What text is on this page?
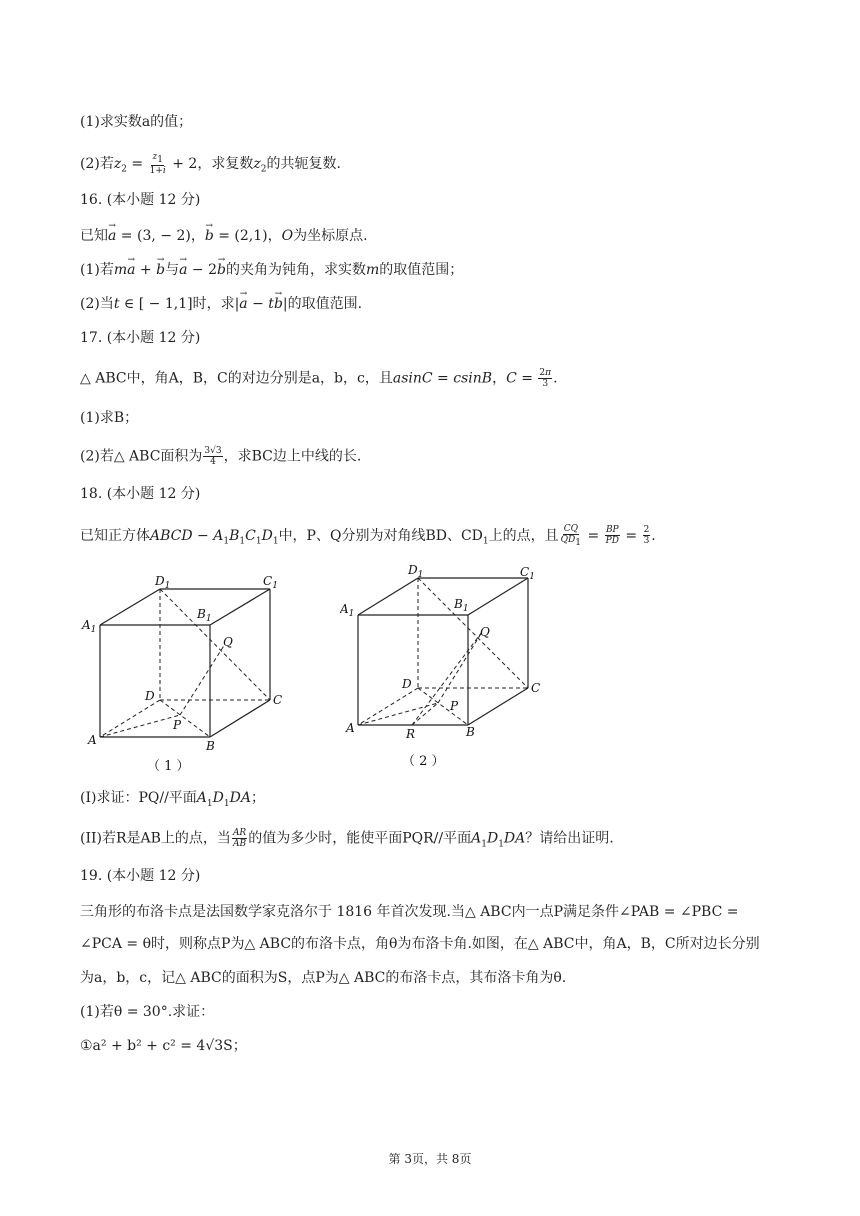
(1)求实数a的值；
(2)若$z_2 = \frac{z_1}{1+i} + 2$，求复数$z_2$的共轭复数.
16. (本小题 12 分)
已知→ a = (3, − 2)，→ b = (2,1)，O为坐标原点.
(1)若m→ a + → b与→ a − 2→ b的夹角为钝角，求实数m的取值范围；
(2)当t ∈ [ − 1,1]时，求|→ a − t→ b|的取值范围.
17. (本小题 12 分)
△ ABC中，角A，B，C的对边分别是a，b，c，且asinC = csinB，$C = \frac{2\pi}{3}$ .
(1)求B；
(2)若△ ABC面积为 $\frac{3√3}{4}$ ，求BC边上中线的长.
18. (本小题 12 分)
已知正方体ABCD − $A_1B_1C_1D_1$中，P、Q分别为对角线BD、$CD_1$上的点，且 $\frac{CQ}{QD_1} = \frac{BP}{PD} = \frac{2}{3}$ .
$D_1$	$C_1$
$A_1$
$B_1$
Q
D	C
P
A	B
（ 1 ）
$D_1$	$C_1$
$A_1$
$B_1$
Q
D	C
P
A	R	B
（ 2 ）
(I)求证：PQ//平面$A_1D_1DA$；
(II)若R是AB上的点，当 $\frac{AR}{AB}$ 的值为多少时，能使平面PQR//平面$A_1D_1DA$？请给出证明.
19. (本小题 12 分)
三角形的布洛卡点是法国数学家克洛尔于 1816 年首次发现.当△ ABC内一点P满足条件∠PAB = ∠PBC =
∠PCA = θ时，则称点P为△ ABC的布洛卡点，角θ为布洛卡角.如图，在△ ABC中，角A，B，C所对边长分别
为a，b，c，记△ ABC的面积为S，点P为△ ABC的布洛卡点，其布洛卡角为θ.
(1)若θ = 30°.求证：
①a² + b² + c² = 4√3S；
第 3页，共 8页
